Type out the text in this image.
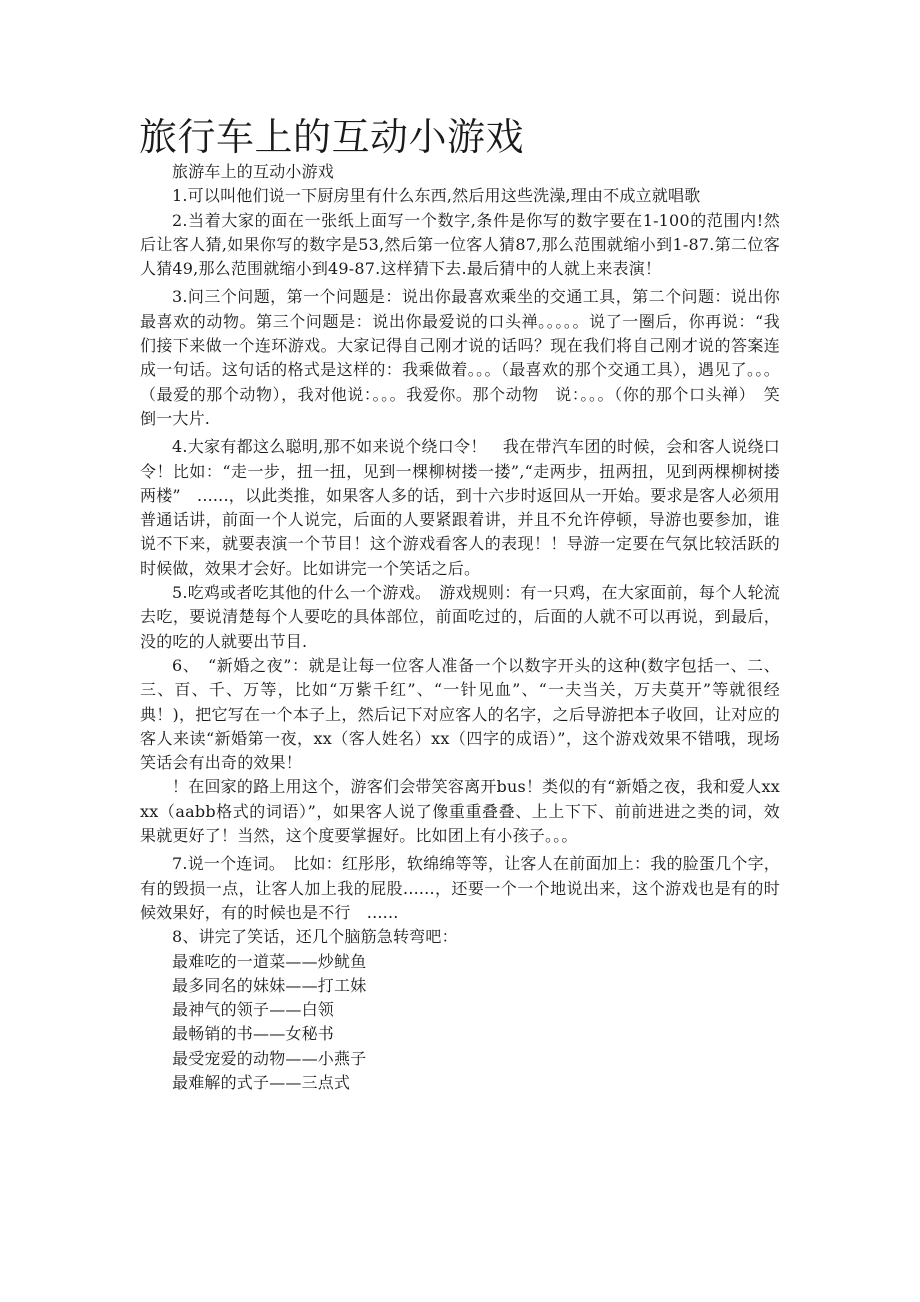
旅行车上的互动小游戏

旅游车上的互动小游戏

1.可以叫他们说一下厨房里有什么东西,然后用这些洗澡,理由不成立就唱歌

2.当着大家的面在一张纸上面写一个数字,条件是你写的数字要在1-100的范围内!然后让客人猜,如果你写的数字是53,然后第一位客人猜87,那么范围就缩小到1-87.第二位客人猜49,那么范围就缩小到49-87.这样猜下去.最后猜中的人就上来表演！

3.问三个问题，第一个问题是：说出你最喜欢乘坐的交通工具，第二个问题：说出你最喜欢的动物。第三个问题是：说出你最爱说的口头禅。。。。。说了一圈后，你再说：“我们接下来做一个连环游戏。大家记得自己刚才说的话吗？现在我们将自己刚才说的答案连成一句话。这句话的格式是这样的：我乘做着。。。（最喜欢的那个交通工具），遇见了。。。（最爱的那个动物），我对他说：。。。我爱你。那个动物　说：。。。（你的那个口头禅）　笑倒一大片.

4.大家有都这么聪明,那不如来说个绕口令！　我在带汽车团的时候，会和客人说绕口令！比如：“走一步，扭一扭，见到一棵柳树搂一搂”,“走两步，扭两扭，见到两棵柳树搂两楼”　......，以此类推，如果客人多的话，到十六步时返回从一开始。要求是客人必须用普通话讲，前面一个人说完，后面的人要紧跟着讲，并且不允许停顿，导游也要参加，谁说不下来，就要表演一个节目！这个游戏看客人的表现！！导游一定要在气氛比较活跃的时候做，效果才会好。比如讲完一个笑话之后。

5.吃鸡或者吃其他的什么一个游戏。　游戏规则：有一只鸡，在大家面前，每个人轮流去吃，要说清楚每个人要吃的具体部位，前面吃过的，后面的人就不可以再说，到最后，没的吃的人就要出节目.

6、　“新婚之夜”：就是让每一位客人准备一个以数字开头的这种(数字包括一、二、三、百、千、万等，比如“万紫千红”、“一针见血”、“一夫当关，万夫莫开”等就很经典！)，把它写在一个本子上，然后记下对应客人的名字，之后导游把本子收回，让对应的客人来读“新婚第一夜，xx（客人姓名）xx（四字的成语）”，这个游戏效果不错哦，现场笑话会有出奇的效果！

！在回家的路上用这个，游客们会带笑容离开bus！类似的有“新婚之夜，我和爱人xxxx（aabb格式的词语）”，如果客人说了像重重叠叠、上上下下、前前进进之类的词，效果就更好了！当然，这个度要掌握好。比如团上有小孩子。。。

7.说一个连词。　比如：红彤彤，软绵绵等等，让客人在前面加上：我的脸蛋几个字，有的毁损一点，让客人加上我的屁股......，还要一个一个地说出来，这个游戏也是有的时候效果好，有的时候也是不行　......

8、讲完了笑话，还几个脑筋急转弯吧：

最难吃的一道菜——炒鱿鱼
最多同名的妹妹——打工妹
最神气的领子——白领
最畅销的书——女秘书
最受宠爱的动物——小燕子
最难解的式子——三点式
